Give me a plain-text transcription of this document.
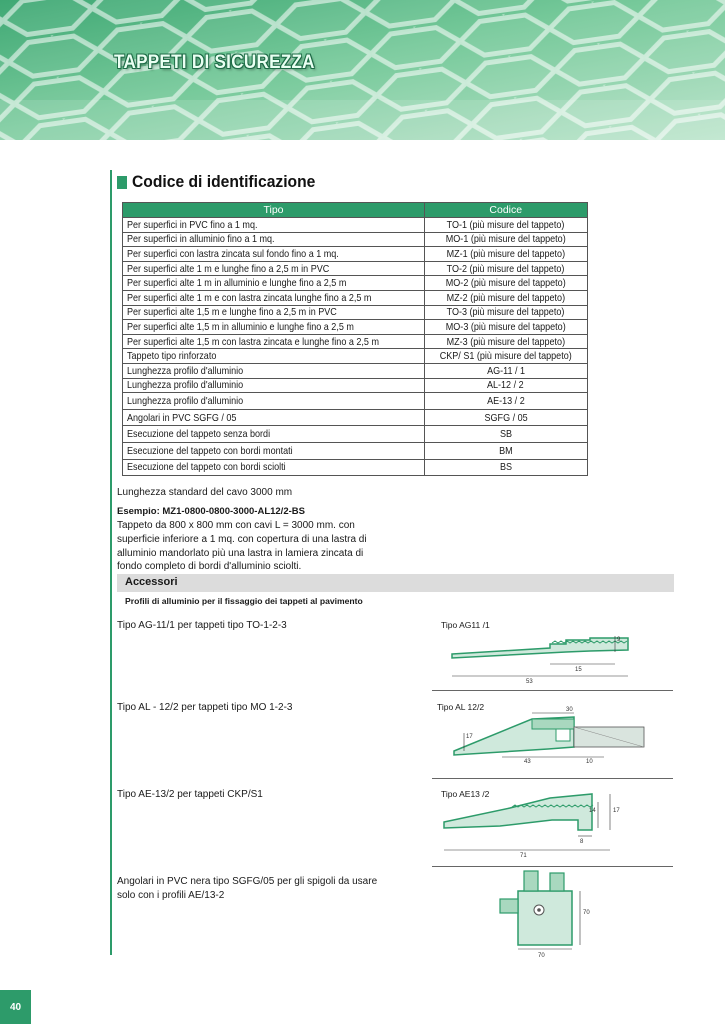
TAPPETI DI SICUREZZA
Codice di identificazione
Tipo	Codice
Per superfici in PVC fino a 1 mq.	TO-1 (più misure del tappeto)
Per superfici in alluminio fino a 1 mq.	MO-1 (più misure del tappeto)
Per superfici con lastra zincata sul fondo fino a 1 mq.	MZ-1 (più misure del tappeto)
Per superfici alte 1 m e lunghe fino a 2,5 m in PVC	TO-2 (più misure del tappeto)
Per superfici alte 1 m in alluminio e lunghe fino a 2,5 m	MO-2 (più misure del tappeto)
Per superfici alte 1 m e con lastra zincata lunghe fino a 2,5 m	MZ-2 (più misure del tappeto)
Per superfici alte 1,5 m e lunghe fino a 2,5 m in PVC	TO-3 (più misure del tappeto)
Per superfici alte 1,5 m in alluminio e lunghe fino a 2,5 m	MO-3 (più misure del tappeto)
Per superfici alte 1,5 m con lastra zincata e lunghe fino a 2,5 m	MZ-3 (più misure del tappeto)
Tappeto tipo rinforzato	CKP/ S1 (più misure del tappeto)
Lunghezza profilo d'alluminio	AG-11 / 1
Lunghezza profilo d'alluminio	AL-12 / 2
Lunghezza profilo d'alluminio	AE-13 / 2
Angolari in PVC SGFG / 05	SGFG / 05
Esecuzione del tappeto senza bordi	SB
Esecuzione del tappeto con bordi montati	BM
Esecuzione del tappeto con bordi sciolti	BS
Lunghezza standard del cavo 3000 mm
Esempio: MZ1-0800-0800-3000-AL12/2-BS
Tappeto da 800 x 800 mm con cavi L = 3000 mm. con superficie inferiore a 1 mq. con copertura di una lastra di alluminio mandorlato più una lastra in lamiera zincata di fondo completo di bordi d'alluminio sciolti.
Accessori
Profili di alluminio per il fissaggio dei tappeti al pavimento
Tipo AG-11/1 per tappeti tipo TO-1-2-3	Tipo AG11 /1
9
15
53
Tipo AL - 12/2 per tappeti tipo MO 1-2-3	Tipo AL 12/2	30
17
43	10
Tipo AE-13/2 per tappeti CKP/S1	Tipo AE13 /2
14	17
8
71
Angolari in PVC nera tipo SGFG/05 per gli spigoli da usare solo con i profili AE/13-2
70
70
40
